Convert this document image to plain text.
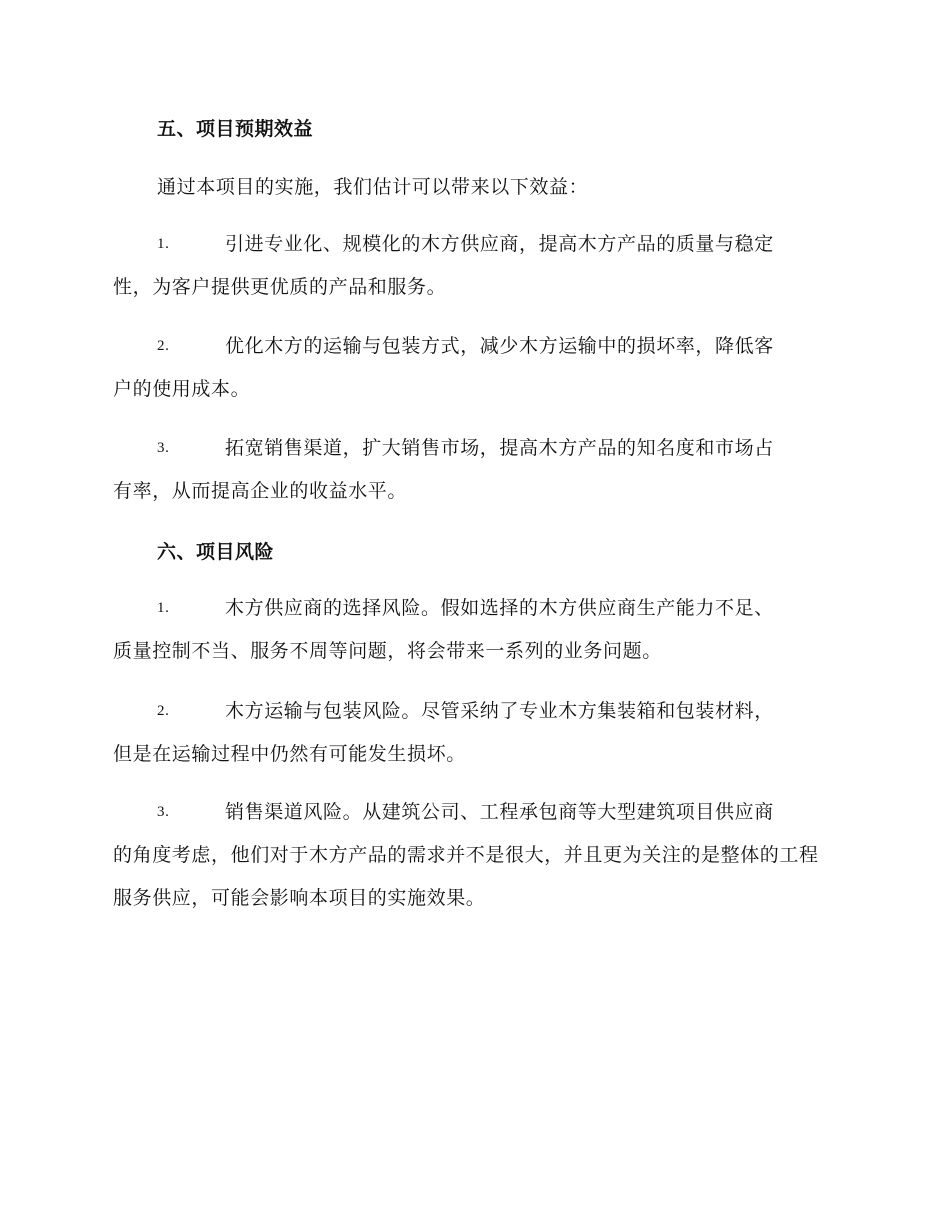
五、项目预期效益
通过本项目的实施，我们估计可以带来以下效益：
1.	引进专业化、规模化的木方供应商，提高木方产品的质量与稳定
性，为客户提供更优质的产品和服务。
2.	优化木方的运输与包装方式，减少木方运输中的损坏率，降低客
户的使用成本。
3.	拓宽销售渠道，扩大销售市场，提高木方产品的知名度和市场占
有率，从而提高企业的收益水平。
六、项目风险
1.	木方供应商的选择风险。假如选择的木方供应商生产能力不足、
质量控制不当、服务不周等问题，将会带来一系列的业务问题。
2.	木方运输与包装风险。尽管采纳了专业木方集装箱和包装材料，
但是在运输过程中仍然有可能发生损坏。
3.	销售渠道风险。从建筑公司、工程承包商等大型建筑项目供应商
的角度考虑，他们对于木方产品的需求并不是很大，并且更为关注的是整体的工程服务供应，可能会影响本项目的实施效果。
